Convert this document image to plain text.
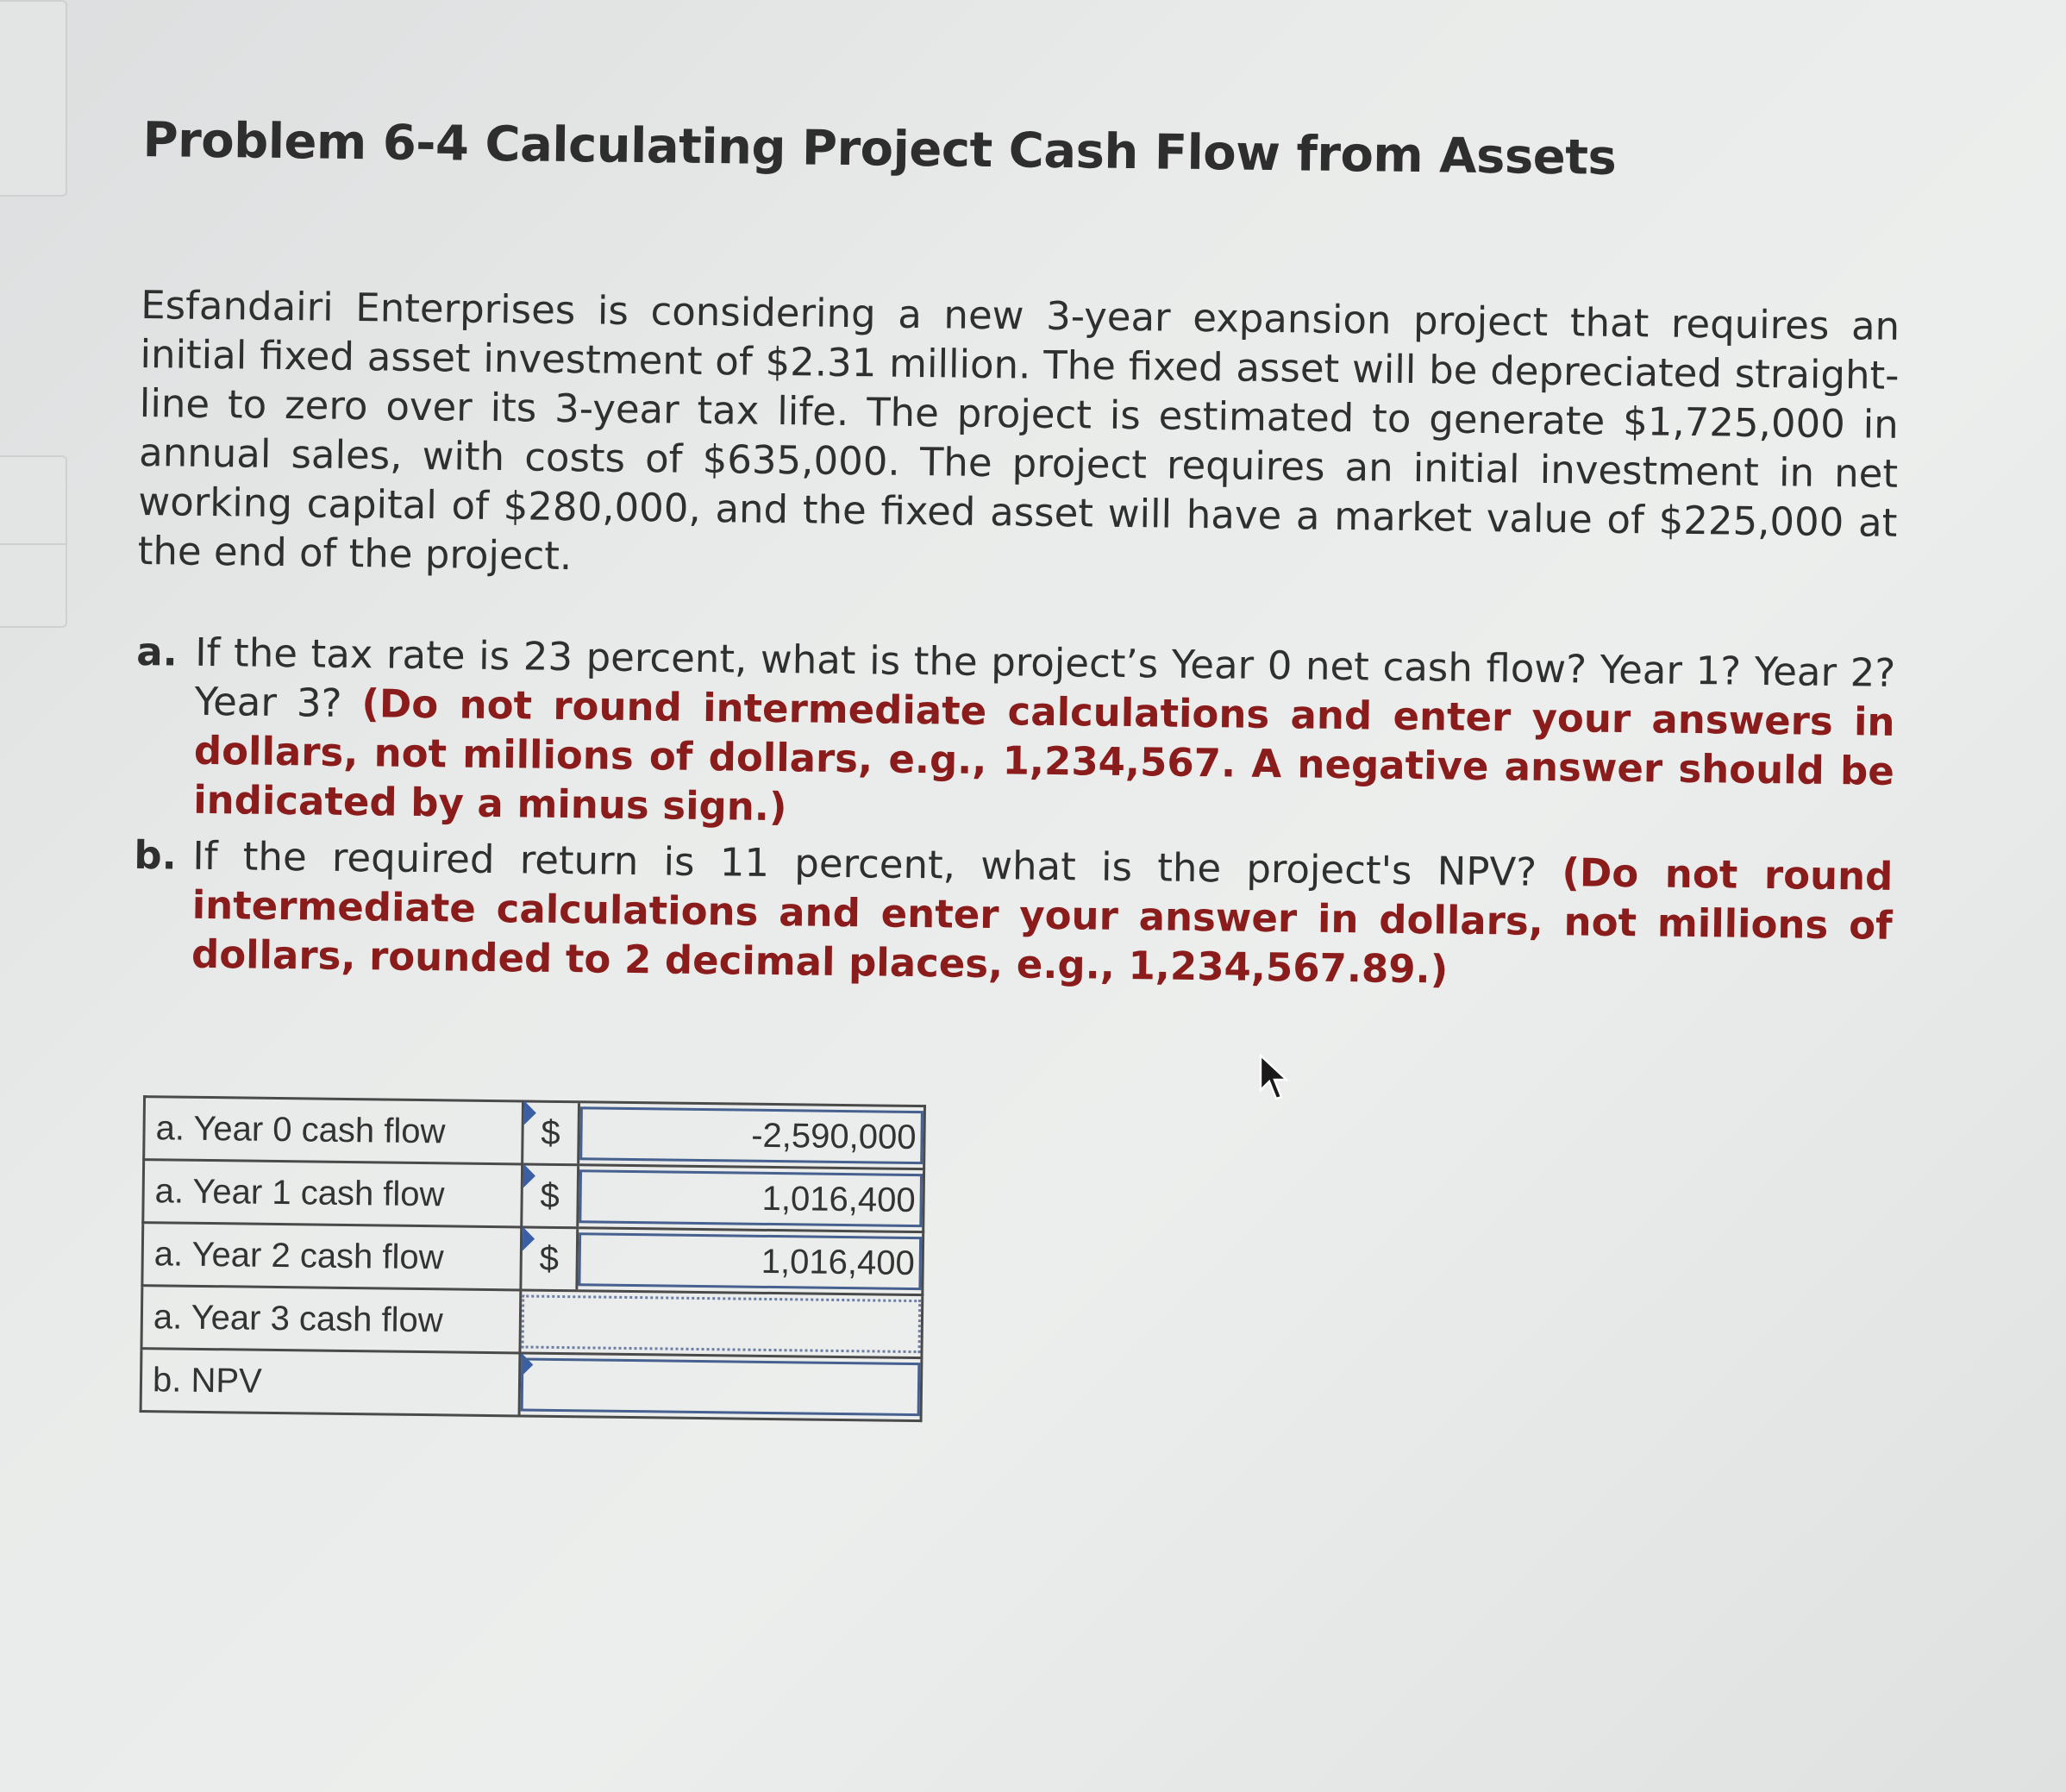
Problem 6-4 Calculating Project Cash Flow from Assets

Esfandairi Enterprises is considering a new 3-year expansion project that requires an initial fixed asset investment of $2.31 million. The fixed asset will be depreciated straight-line to zero over its 3-year tax life. The project is estimated to generate $1,725,000 in annual sales, with costs of $635,000. The project requires an initial investment in net working capital of $280,000, and the fixed asset will have a market value of $225,000 at the end of the project.

a. If the tax rate is 23 percent, what is the project’s Year 0 net cash flow? Year 1? Year 2? Year 3? (Do not round intermediate calculations and enter your answers in dollars, not millions of dollars, e.g., 1,234,567. A negative answer should be indicated by a minus sign.)
b. If the required return is 11 percent, what is the project's NPV? (Do not round intermediate calculations and enter your answer in dollars, not millions of dollars, rounded to 2 decimal places, e.g., 1,234,567.89.)
a. Year 0 cash flow	$	-2,590,000
a. Year 1 cash flow	$	1,016,400
a. Year 2 cash flow	$	1,016,400
a. Year 3 cash flow		

b. NPV		
